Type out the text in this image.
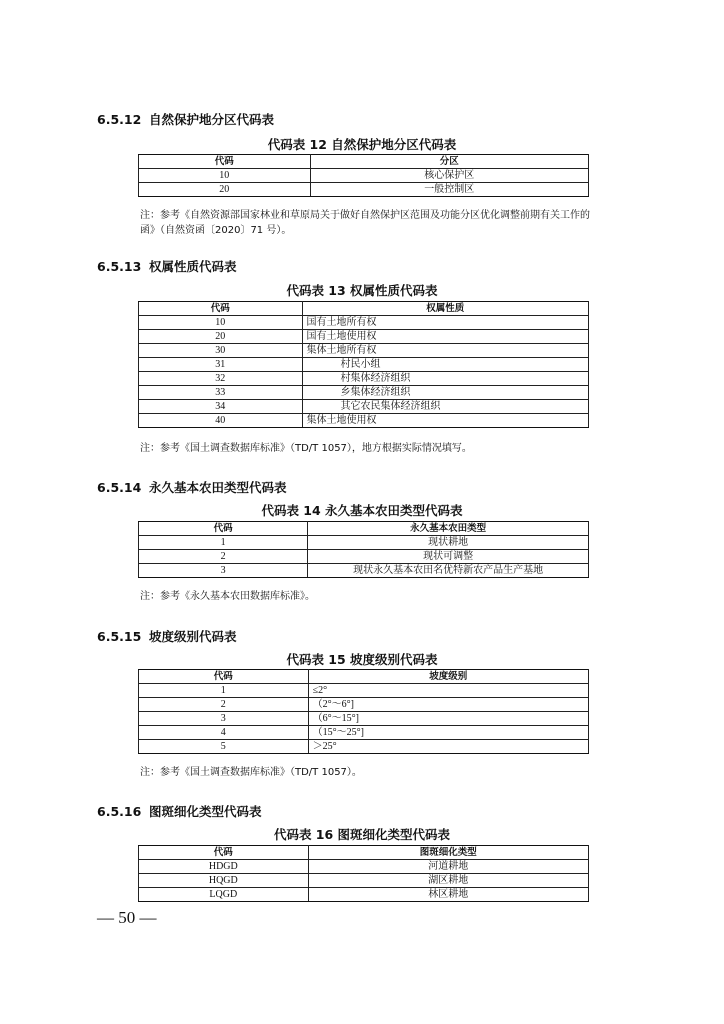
6.5.12 自然保护地分区代码表
代码表 12 自然保护地分区代码表
代码	分区
10	核心保护区
20	一般控制区
注：参考《自然资源部国家林业和草原局关于做好自然保护区范围及功能分区优化调整前期有关工作的函》（自然资函〔2020〕71 号）。
6.5.13 权属性质代码表
代码表 13 权属性质代码表
代码	权属性质
10	国有土地所有权
20	国有土地使用权
30	集体土地所有权
31	村民小组
32	村集体经济组织
33	乡集体经济组织
34	其它农民集体经济组织
40	集体土地使用权
注：参考《国土调查数据库标准》（TD/T 1057），地方根据实际情况填写。
6.5.14 永久基本农田类型代码表
代码表 14 永久基本农田类型代码表
代码	永久基本农田类型
1	现状耕地
2	现状可调整
3	现状永久基本农田名优特新农产品生产基地
注：参考《永久基本农田数据库标准》。
6.5.15 坡度级别代码表
代码表 15 坡度级别代码表
代码	坡度级别
1	≤2°
2	（2°～6°]
3	（6°～15°]
4	（15°～25°]
5	＞25°
注：参考《国土调查数据库标准》（TD/T 1057）。
6.5.16 图斑细化类型代码表
代码表 16 图斑细化类型代码表
代码	图斑细化类型
HDGD	河道耕地
HQGD	湖区耕地
LQGD	林区耕地
— 50 —
